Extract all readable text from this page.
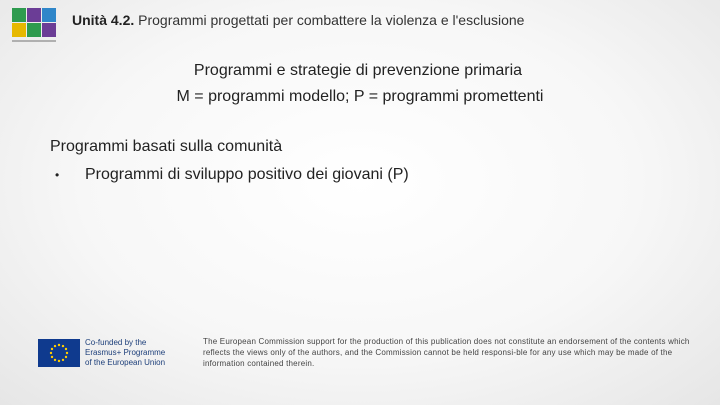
Unità 4.2. Programmi progettati per combattere la violenza e l'esclusione
Programmi e strategie di prevenzione primaria
M = programmi modello; P = programmi promettenti
Programmi basati sulla comunità
•	Programmi di sviluppo positivo dei giovani (P)
Co-funded by the
Erasmus+ Programme
of the European Union
The European Commission support for the production of this publication does not constitute an endorsement of the contents which reflects the views only of the authors, and the Commission cannot be held responsi-ble for any use which may be made of the information contained therein.
